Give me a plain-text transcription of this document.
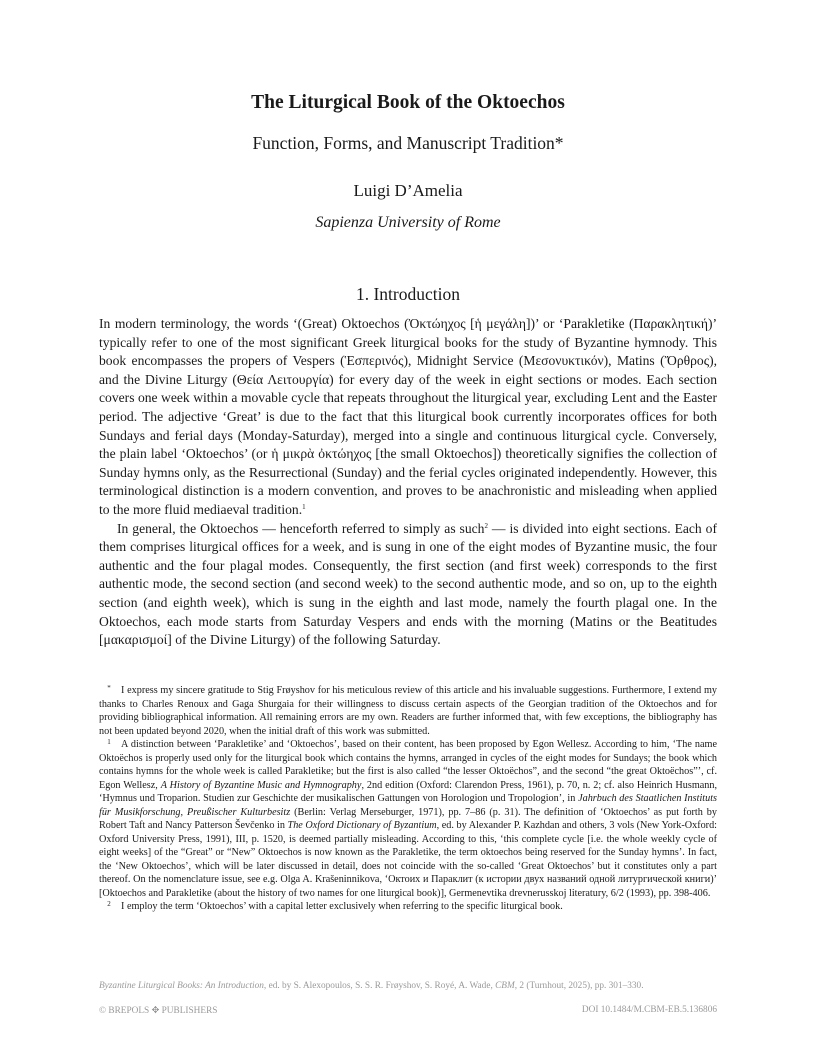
The Liturgical Book of the Oktoechos
Function, Forms, and Manuscript Tradition*
Luigi D’Amelia
Sapienza University of Rome
1. Introduction

In modern terminology, the words ‘(Great) Oktoechos (Ὀκτώηχος [ἡ μεγάλη])’ or ‘Parakletike (Παρακλητική)’ typically refer to one of the most significant Greek liturgical books for the study of Byzantine hymnody. This book encompasses the propers of Vespers (Ἑσπερινός), Midnight Service (Μεσονυκτικόν), Matins (Ὄρθρος), and the Divine Liturgy (Θεία Λειτουργία) for every day of the week in eight sections or modes. Each section covers one week within a movable cycle that repeats throughout the liturgical year, excluding Lent and the Easter period. The adjective ‘Great’ is due to the fact that this liturgical book currently incorporates offices for both Sundays and ferial days (Monday-Saturday), merged into a single and continuous liturgical cycle. Conversely, the plain label ‘Oktoechos’ (or ἡ μικρὰ ὀκτώηχος [the small Oktoechos]) theoretically signifies the collection of Sunday hymns only, as the Resurrectional (Sunday) and the ferial cycles originated independently. However, this terminological distinction is a modern convention, and proves to be anachronistic and misleading when applied to the more fluid mediaeval tradition.$^1$

In general, the Oktoechos — henceforth referred to simply as such$^2$ — is divided into eight sections. Each of them comprises liturgical offices for a week, and is sung in one of the eight modes of Byzantine music, the four authentic and the four plagal modes. Consequently, the first section (and first week) corresponds to the first authentic mode, the second section (and second week) to the second authentic mode, and so on, up to the eighth section (and eighth week), which is sung in the eighth and last mode, namely the fourth plagal one. In the Oktoechos, each mode starts from Saturday Vespers and ends with the morning (Matins or the Beatitudes [μακαρισμοί] of the Divine Liturgy) of the following Saturday.

*	I express my sincere gratitude to Stig Frøyshov for his meticulous review of this article and his invaluable suggestions. Furthermore, I extend my thanks to Charles Renoux and Gaga Shurgaia for their willingness to discuss certain aspects of the Georgian tradition of the Oktoechos and for providing bibliographical information. All remaining errors are my own. Readers are further informed that, with few exceptions, the bibliography has not been updated beyond 2020, when the initial draft of this work was submitted.
1	A distinction between ‘Parakletike’ and ‘Oktoechos’, based on their content, has been proposed by Egon Wellesz. According to him, ‘The name Oktoëchos is properly used only for the liturgical book which contains the hymns, arranged in cycles of the eight modes for Sundays; the book which contains hymns for the whole week is called Parakletike; but the first is also called “the lesser Oktoëchos”, and the second “the great Oktoëchos”’, cf. Egon Wellesz, A History of Byzantine Music and Hymnography, 2nd edition (Oxford: Clarendon Press, 1961), p. 70, n. 2; cf. also Heinrich Husmann, ‘Hymnus und Troparion. Studien zur Geschichte der musikalischen Gattungen von Horologion und Tropologion’, in Jahrbuch des Staatlichen Instituts für Musikforschung, Preußischer Kulturbesitz (Berlin: Verlag Merseburger, 1971), pp. 7–86 (p. 31). The definition of ‘Oktoechos’ as put forth by Robert Taft and Nancy Patterson Ševčenko in The Oxford Dictionary of Byzantium, ed. by Alexander P. Kazhdan and others, 3 vols (New York-Oxford: Oxford University Press, 1991), III, p. 1520, is deemed partially misleading. According to this, ‘this complete cycle [i.e. the whole weekly cycle of eight weeks] of the “Great” or “New” Oktoechos is now known as the Parakletike, the term oktoechos being reserved for the Sunday hymns’. In fact, the ‘New Oktoechos’, which will be later discussed in detail, does not coincide with the so-called ‘Great Oktoechos’ but it constitutes only a part thereof. On the nomenclature issue, see e.g. Olga A. Krašeninnikova, ‘Октоих и Параклит (к истории двух названий одной литургической книги)’ [Oktoechos and Parakletike (about the history of two names for one liturgical book)], Germenevtika drevnerusskoj literatury, 6/2 (1993), pp. 398-406.
2	I employ the term ‘Oktoechos’ with a capital letter exclusively when referring to the specific liturgical book.
Byzantine Liturgical Books: An Introduction, ed. by S. Alexopoulos, S. S. R. Frøyshov, S. Royé, A. Wade, CBM, 2 (Turnhout, 2025), pp. 301–330.
© BREPOLS ✥ PUBLISHERS	DOI 10.1484/M.CBM-EB.5.136806
